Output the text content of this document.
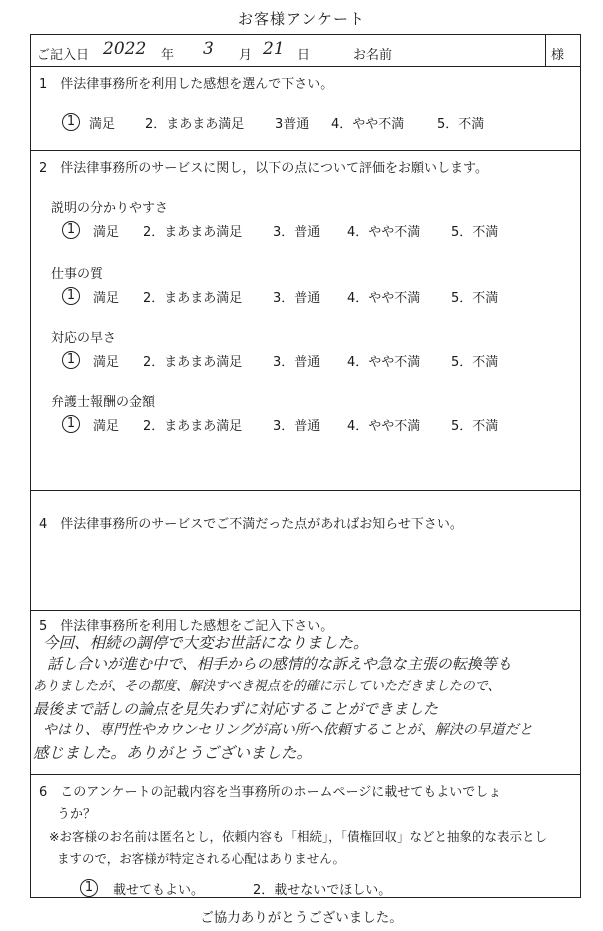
お客様アンケート
ご記入日 2022 年 3 月 21 日	お名前	様
1　伴法律事務所を利用した感想を選んで下さい。
1	満足 2．まあまあ満足 3普通 4．やや不満	5．不満
2　伴法律事務所のサービスに関し，以下の点について評価をお願いします。
説明の分かりやすさ
1	満足 2．まあまあ満足 3．普通 4．やや不満 5．不満
仕事の質
1	満足 2．まあまあ満足 3．普通 4．やや不満 5．不満
対応の早さ
1	満足 2．まあまあ満足 3．普通 4．やや不満 5．不満
弁護士報酬の金額
1	満足 2．まあまあ満足 3．普通 4．やや不満 5．不満
4　伴法律事務所のサービスでご不満だった点があればお知らせ下さい。
5　伴法律事務所を利用した感想をご記入下さい。
今回、相続の調停で大変お世話になりました。
話し合いが進む中で、相手からの感情的な訴えや急な主張の転換等も
ありましたが、その都度、解決すべき視点を的確に示していただきましたので、
最後まで話しの論点を見失わずに対応することができました
やはり、専門性やカウンセリングが高い所へ依頼することが、解決の早道だと
感じました。ありがとうございました。
6　このアンケートの記載内容を当事務所のホームページに載せてもよいでしょ
うか？
※お客様のお名前は匿名とし，依頼内容も「相続」，「債権回収」などと抽象的な表示とし
ますので，お客様が特定される心配はありません。
1	載せてもよい。	2．載せないでほしい。
ご協力ありがとうございました。
